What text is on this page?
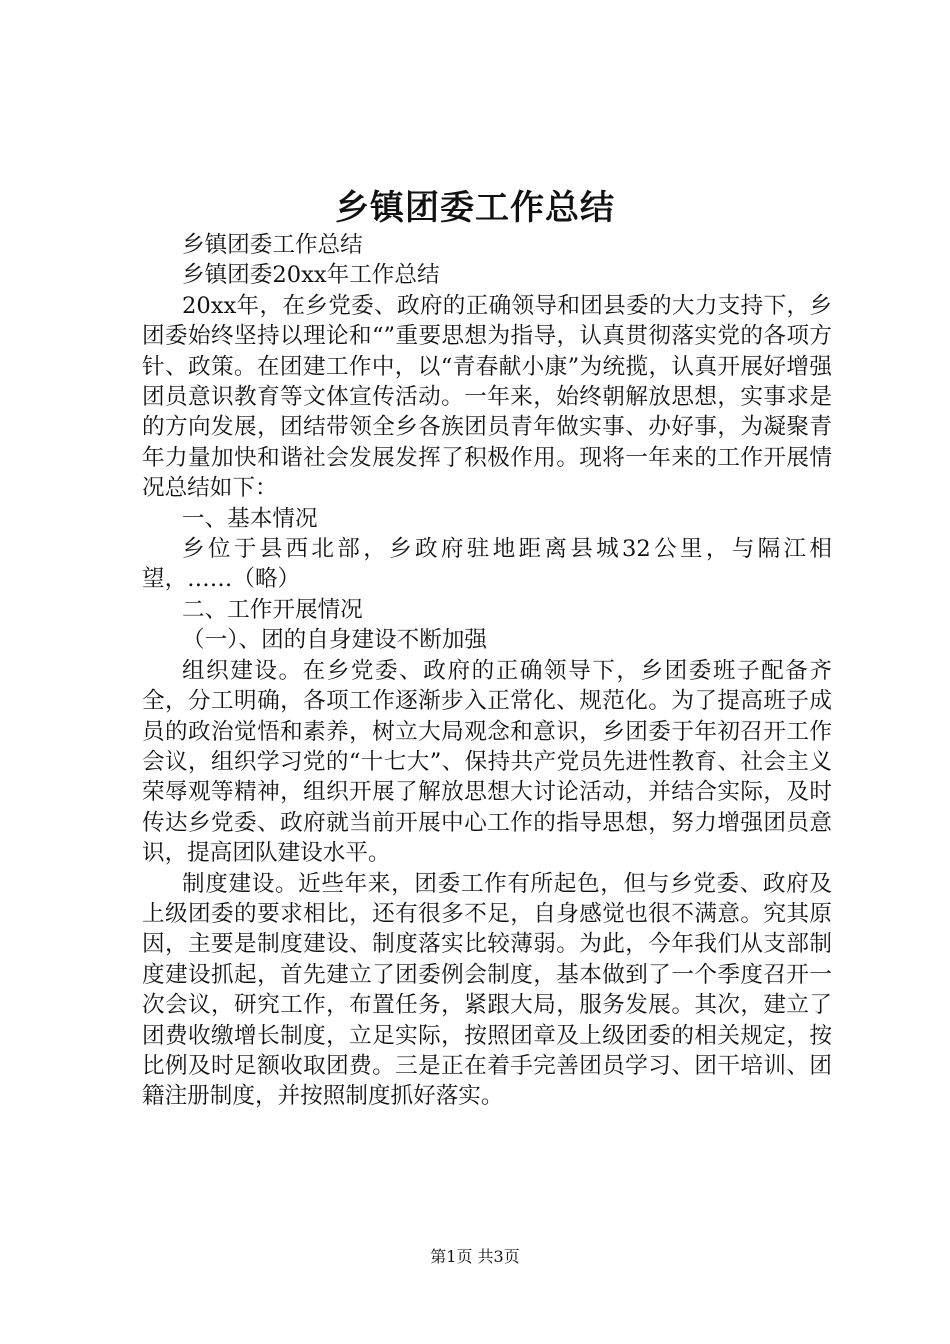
乡镇团委工作总结

乡镇团委工作总结

乡镇团委20xx年工作总结

20xx年，在乡党委、政府的正确领导和团县委的大力支持下，乡团委始终坚持以理论和“”重要思想为指导，认真贯彻落实党的各项方针、政策。在团建工作中，以“青春献小康”为统揽，认真开展好增强团员意识教育等文体宣传活动。一年来，始终朝解放思想，实事求是的方向发展，团结带领全乡各族团员青年做实事、办好事，为凝聚青年力量加快和谐社会发展发挥了积极作用。现将一年来的工作开展情况总结如下：

一、基本情况

乡位于县西北部，乡政府驻地距离县城32公里，与隔江相望，……（略）

二、工作开展情况

（一）、团的自身建设不断加强

组织建设。在乡党委、政府的正确领导下，乡团委班子配备齐全，分工明确，各项工作逐渐步入正常化、规范化。为了提高班子成员的政治觉悟和素养，树立大局观念和意识，乡团委于年初召开工作会议，组织学习党的“十七大”、保持共产党员先进性教育、社会主义荣辱观等精神，组织开展了解放思想大讨论活动，并结合实际，及时传达乡党委、政府就当前开展中心工作的指导思想，努力增强团员意识，提高团队建设水平。

制度建设。近些年来，团委工作有所起色，但与乡党委、政府及上级团委的要求相比，还有很多不足，自身感觉也很不满意。究其原因，主要是制度建设、制度落实比较薄弱。为此，今年我们从支部制度建设抓起，首先建立了团委例会制度，基本做到了一个季度召开一次会议，研究工作，布置任务，紧跟大局，服务发展。其次，建立了团费收缴增长制度，立足实际，按照团章及上级团委的相关规定，按比例及时足额收取团费。三是正在着手完善团员学习、团干培训、团籍注册制度，并按照制度抓好落实。

第1页 共3页
